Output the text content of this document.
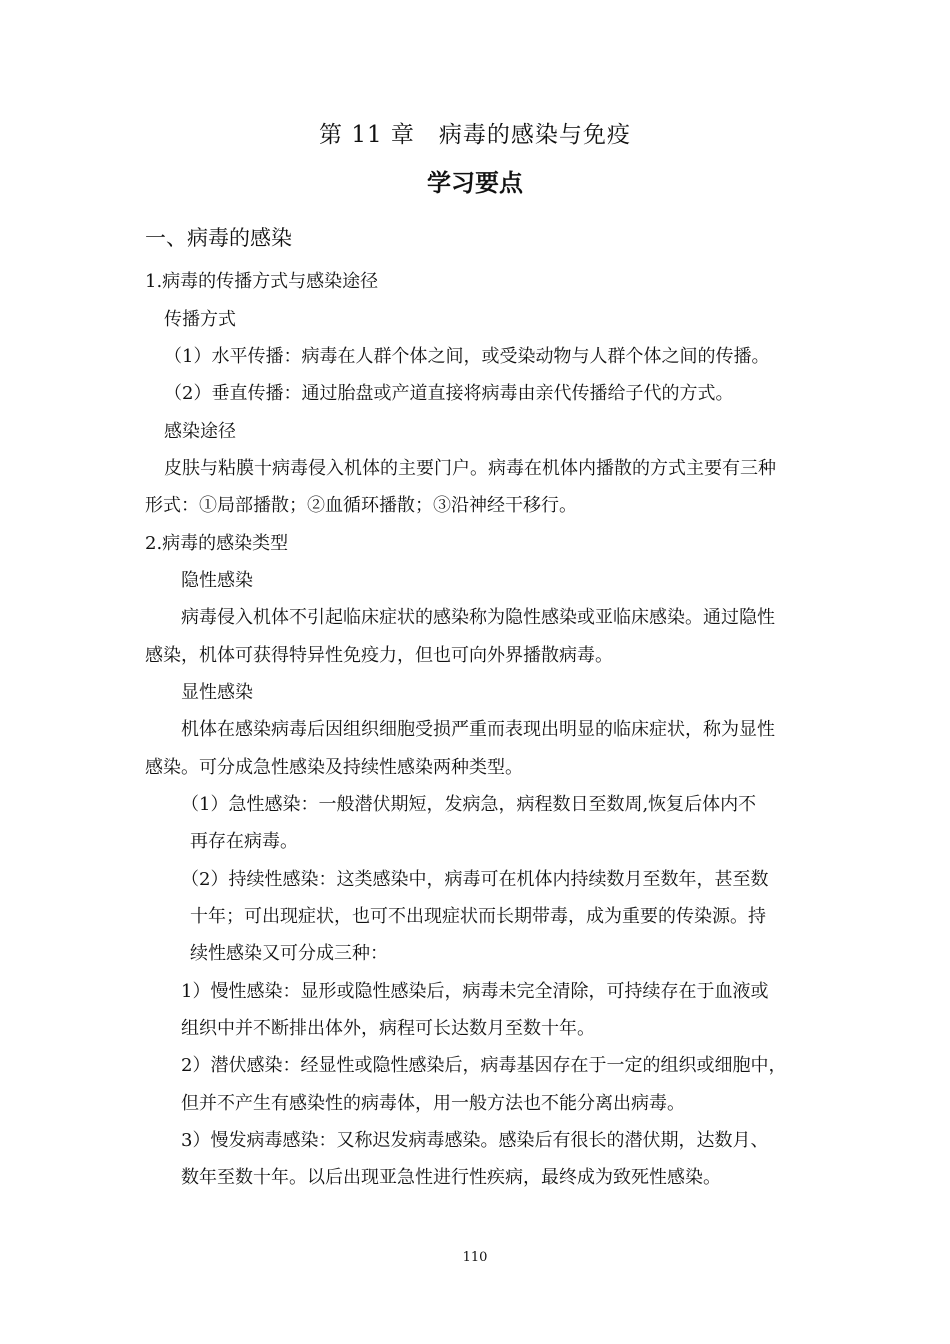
第 11 章　病毒的感染与免疫
学习要点
一、病毒的感染
1.病毒的传播方式与感染途径
传播方式
（1）水平传播：病毒在人群个体之间，或受染动物与人群个体之间的传播。
（2）垂直传播：通过胎盘或产道直接将病毒由亲代传播给子代的方式。
感染途径
皮肤与粘膜十病毒侵入机体的主要门户。病毒在机体内播散的方式主要有三种
形式：①局部播散；②血循环播散；③沿神经干移行。
2.病毒的感染类型
隐性感染
病毒侵入机体不引起临床症状的感染称为隐性感染或亚临床感染。通过隐性
感染，机体可获得特异性免疫力，但也可向外界播散病毒。
显性感染
机体在感染病毒后因组织细胞受损严重而表现出明显的临床症状，称为显性
感染。可分成急性感染及持续性感染两种类型。
（1）急性感染：一般潜伏期短，发病急，病程数日至数周,恢复后体内不
再存在病毒。
（2）持续性感染：这类感染中，病毒可在机体内持续数月至数年，甚至数
十年；可出现症状，也可不出现症状而长期带毒，成为重要的传染源。持
续性感染又可分成三种：
1）慢性感染：显形或隐性感染后，病毒未完全清除，可持续存在于血液或
组织中并不断排出体外，病程可长达数月至数十年。
2）潜伏感染：经显性或隐性感染后，病毒基因存在于一定的组织或细胞中，
但并不产生有感染性的病毒体，用一般方法也不能分离出病毒。
3）慢发病毒感染：又称迟发病毒感染。感染后有很长的潜伏期，达数月、
数年至数十年。以后出现亚急性进行性疾病，最终成为致死性感染。
110
